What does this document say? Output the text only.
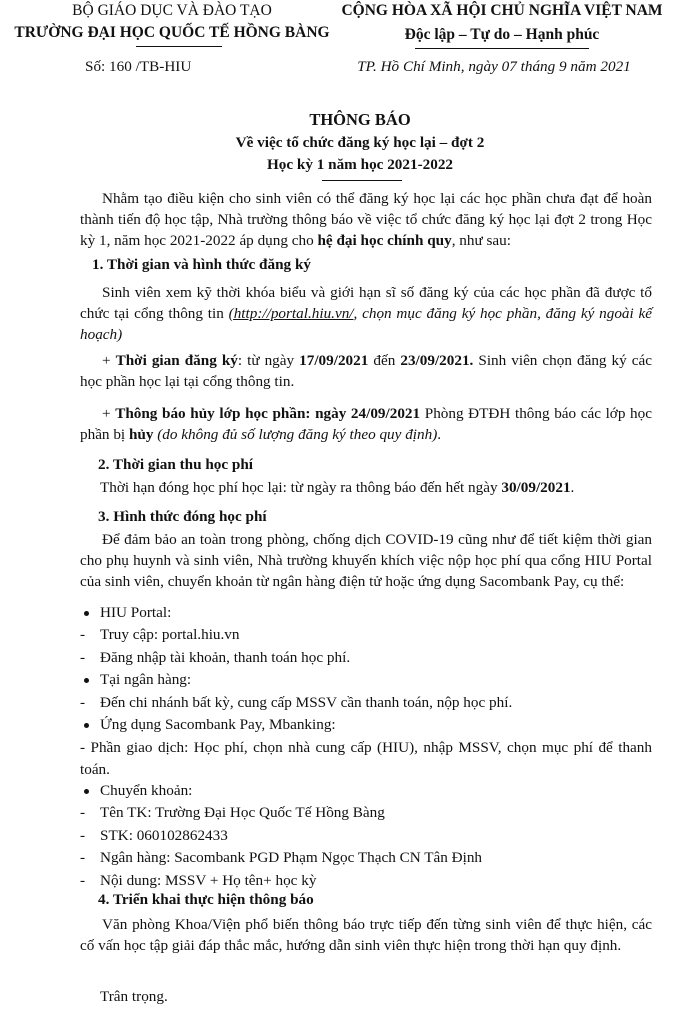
BỘ GIÁO DỤC VÀ ĐÀO TẠO
TRƯỜNG ĐẠI HỌC QUỐC TẾ HỒNG BÀNG
Số: 160 /TB-HIU
CỘNG HÒA XÃ HỘI CHỦ NGHĨA VIỆT NAM
Độc lập – Tự do – Hạnh phúc
TP. Hồ Chí Minh, ngày 07 tháng 9 năm 2021
THÔNG BÁO
Về việc tổ chức đăng ký học lại – đợt 2
Học kỳ 1 năm học 2021-2022

Nhằm tạo điều kiện cho sinh viên có thể đăng ký học lại các học phần chưa đạt để hoàn thành tiến độ học tập, Nhà trường thông báo về việc tổ chức đăng ký học lại đợt 2 trong Học kỳ 1, năm học 2021-2022 áp dụng cho hệ đại học chính quy, như sau:

1. Thời gian và hình thức đăng ký

Sinh viên xem kỹ thời khóa biểu và giới hạn sĩ số đăng ký của các học phần đã được tổ chức tại cổng thông tin (http://portal.hiu.vn/, chọn mục đăng ký học phần, đăng ký ngoài kế hoạch)

+ Thời gian đăng ký: từ ngày 17/09/2021 đến 23/09/2021. Sinh viên chọn đăng ký các học phần học lại tại cổng thông tin.

+ Thông báo hủy lớp học phần: ngày 24/09/2021 Phòng ĐTĐH thông báo các lớp học phần bị hủy (do không đủ số lượng đăng ký theo quy định).

2. Thời gian thu học phí
Thời hạn đóng học phí học lại: từ ngày ra thông báo đến hết ngày 30/09/2021.
3. Hình thức đóng học phí

Để đảm bảo an toàn trong phòng, chống dịch COVID-19 cũng như để tiết kiệm thời gian cho phụ huynh và sinh viên, Nhà trường khuyến khích việc nộp học phí qua cổng HIU Portal của sinh viên, chuyển khoản từ ngân hàng điện tử hoặc ứng dụng Sacombank Pay, cụ thể:

HIU Portal:
- Truy cập: portal.hiu.vn
- Đăng nhập tài khoản, thanh toán học phí.
Tại ngân hàng:
- Đến chi nhánh bất kỳ, cung cấp MSSV cần thanh toán, nộp học phí.
Ứng dụng Sacombank Pay, Mbanking:

- Phần giao dịch: Học phí, chọn nhà cung cấp (HIU), nhập MSSV, chọn mục phí để thanh toán.

Chuyển khoản:
- Tên TK: Trường Đại Học Quốc Tế Hồng Bàng
- STK: 060102862433
- Ngân hàng: Sacombank PGD Phạm Ngọc Thạch CN Tân Định
- Nội dung: MSSV + Họ tên+ học kỳ
4. Triển khai thực hiện thông báo

Văn phòng Khoa/Viện phổ biến thông báo trực tiếp đến từng sinh viên để thực hiện, các cố vấn học tập giải đáp thắc mắc, hướng dẫn sinh viên thực hiện trong thời hạn quy định.

Trân trọng.
